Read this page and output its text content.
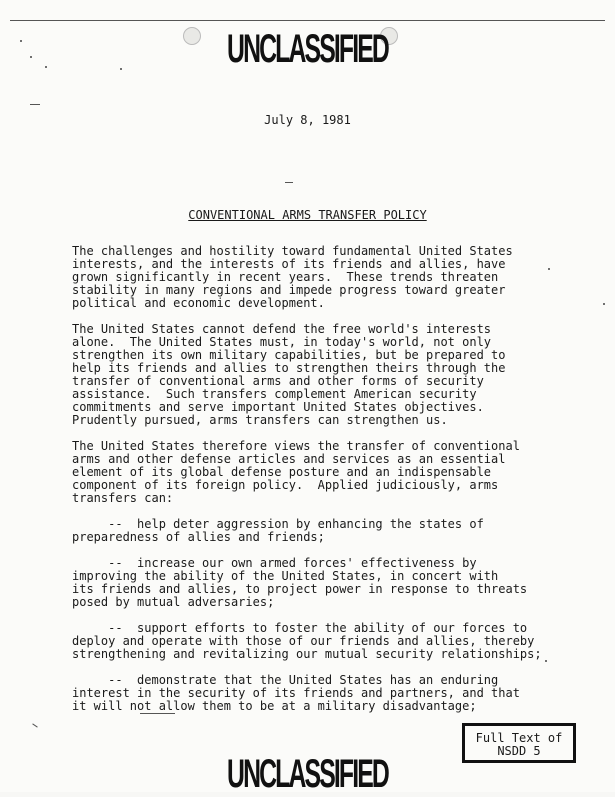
UNCLASSIFIED
July 8, 1981
CONVENTIONAL ARMS TRANSFER POLICY

The challenges and hostility toward fundamental United States
interests, and the interests of its friends and allies, have
grown significantly in recent years.  These trends threaten
stability in many regions and impede progress toward greater
political and economic development.

The United States cannot defend the free world's interests
alone.  The United States must, in today's world, not only
strengthen its own military capabilities, but be prepared to
help its friends and allies to strengthen theirs through the
transfer of conventional arms and other forms of security
assistance.  Such transfers complement American security
commitments and serve important United States objectives.
Prudently pursued, arms transfers can strengthen us.

The United States therefore views the transfer of conventional
arms and other defense articles and services as an essential
element of its global defense posture and an indispensable
component of its foreign policy.  Applied judiciously, arms
transfers can:

--  help deter aggression by enhancing the states of
preparedness of allies and friends;

--  increase our own armed forces' effectiveness by
improving the ability of the United States, in concert with
its friends and allies, to project power in response to threats
posed by mutual adversaries;

--  support efforts to foster the ability of our forces to
deploy and operate with those of our friends and allies, thereby
strengthening and revitalizing our mutual security relationships;

--  demonstrate that the United States has an enduring
interest in the security of its friends and partners, and that
it will not allow them to be at a military disadvantage;

Full Text of
NSDD 5
UNCLASSIFIED
